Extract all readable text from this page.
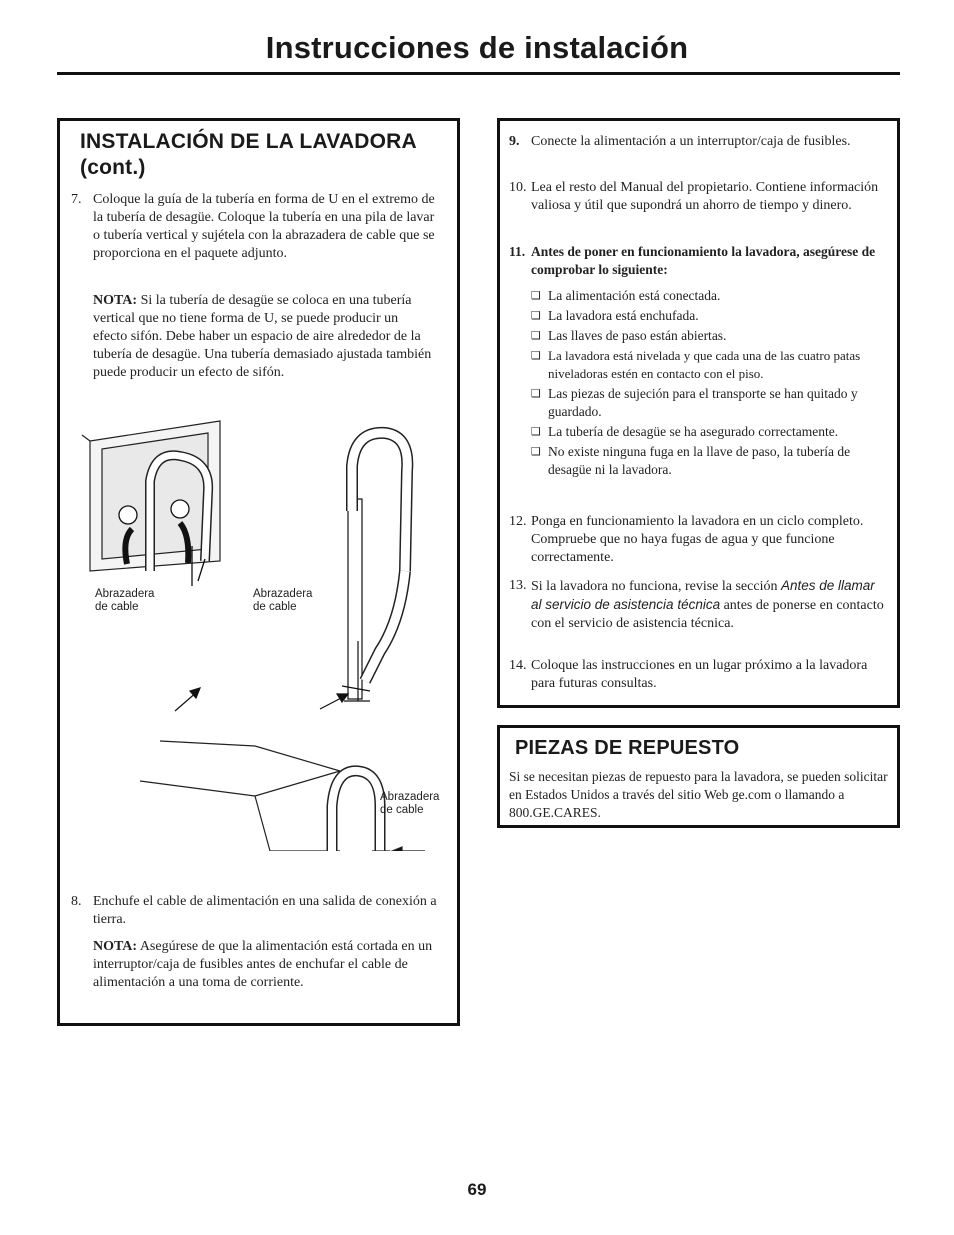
Instrucciones de instalación
INSTALACIÓN DE LA LAVADORA
(cont.)
7. Coloque la guía de la tubería en forma de U en el extremo de la tubería de desagüe. Coloque la tubería en una pila de lavar o tubería vertical y sujétela con la abrazadera de cable que se proporciona en el paquete adjunto.

NOTA: Si la tubería de desagüe se coloca en una tubería vertical que no tiene forma de U, se puede producir un efecto sifón. Debe haber un espacio de aire alrededor de la tubería de desagüe. Una tubería demasiado ajustada también puede producir un efecto de sifón.

Abrazadera
de cable
Abrazadera
de cable
Abrazadera
de cable
8. Enchufe el cable de alimentación en una salida de conexión a tierra.

NOTA: Asegúrese de que la alimentación está cortada en un interruptor/caja de fusibles antes de enchufar el cable de alimentación a una toma de corriente.

9. Conecte la alimentación a un interruptor/caja de fusibles.
10. Lea el resto del Manual del propietario. Contiene información valiosa y útil que supondrá un ahorro de tiempo y dinero.
11. Antes de poner en funcionamiento la lavadora, asegúrese de comprobar lo siguiente:
❑ La alimentación está conectada.
❑ La lavadora está enchufada.
❑ Las llaves de paso están abiertas.
❑ La lavadora está nivelada y que cada una de las cuatro patas niveladoras estén en contacto con el piso.
❑ Las piezas de sujeción para el transporte se han quitado y guardado.
❑ La tubería de desagüe se ha asegurado correctamente.
❑ No existe ninguna fuga en la llave de paso, la tubería de desagüe ni la lavadora.
12. Ponga en funcionamiento la lavadora en un ciclo completo. Compruebe que no haya fugas de agua y que funcione correctamente.
13. Si la lavadora no funciona, revise la sección Antes de llamar al servicio de asistencia técnica antes de ponerse en contacto con el servicio de asistencia técnica.
14. Coloque las instrucciones en un lugar próximo a la lavadora para futuras consultas.
PIEZAS DE REPUESTO

Si se necesitan piezas de repuesto para la lavadora, se pueden solicitar en Estados Unidos a través del sitio Web ge.com o llamando a 800.GE.CARES.

69
